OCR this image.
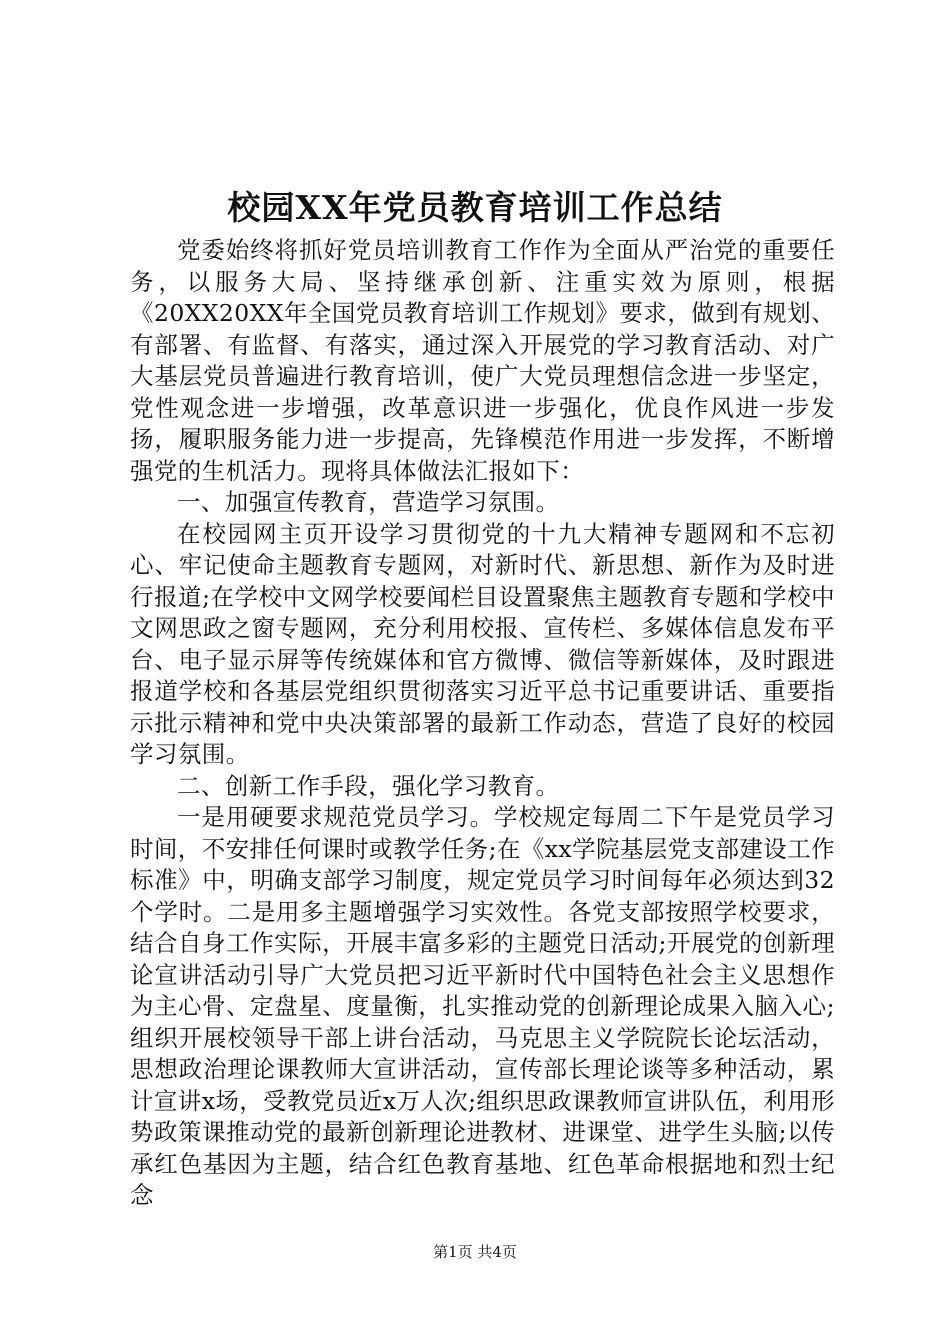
校园XX年党员教育培训工作总结

党委始终将抓好党员培训教育工作作为全面从严治党的重要任务，以服务大局、坚持继承创新、注重实效为原则，根据《20XX20XX年全国党员教育培训工作规划》要求，做到有规划、有部署、有监督、有落实，通过深入开展党的学习教育活动、对广大基层党员普遍进行教育培训，使广大党员理想信念进一步坚定，党性观念进一步增强，改革意识进一步强化，优良作风进一步发扬，履职服务能力进一步提高，先锋模范作用进一步发挥，不断增强党的生机活力。现将具体做法汇报如下：

一、加强宣传教育，营造学习氛围。

在校园网主页开设学习贯彻党的十九大精神专题网和不忘初心、牢记使命主题教育专题网，对新时代、新思想、新作为及时进行报道;在学校中文网学校要闻栏目设置聚焦主题教育专题和学校中文网思政之窗专题网，充分利用校报、宣传栏、多媒体信息发布平台、电子显示屏等传统媒体和官方微博、微信等新媒体，及时跟进报道学校和各基层党组织贯彻落实习近平总书记重要讲话、重要指示批示精神和党中央决策部署的最新工作动态，营造了良好的校园学习氛围。

二、创新工作手段，强化学习教育。

一是用硬要求规范党员学习。学校规定每周二下午是党员学习时间，不安排任何课时或教学任务;在《xx学院基层党支部建设工作标准》中，明确支部学习制度，规定党员学习时间每年必须达到32个学时。二是用多主题增强学习实效性。各党支部按照学校要求，结合自身工作实际，开展丰富多彩的主题党日活动;开展党的创新理论宣讲活动引导广大党员把习近平新时代中国特色社会主义思想作为主心骨、定盘星、度量衡，扎实推动党的创新理论成果入脑入心;组织开展校领导干部上讲台活动，马克思主义学院院长论坛活动，思想政治理论课教师大宣讲活动，宣传部长理论谈等多种活动，累计宣讲x场，受教党员近x万人次;组织思政课教师宣讲队伍，利用形势政策课推动党的最新创新理论进教材、进课堂、进学生头脑;以传承红色基因为主题，结合红色教育基地、红色革命根据地和烈士纪念

第1页 共4页
